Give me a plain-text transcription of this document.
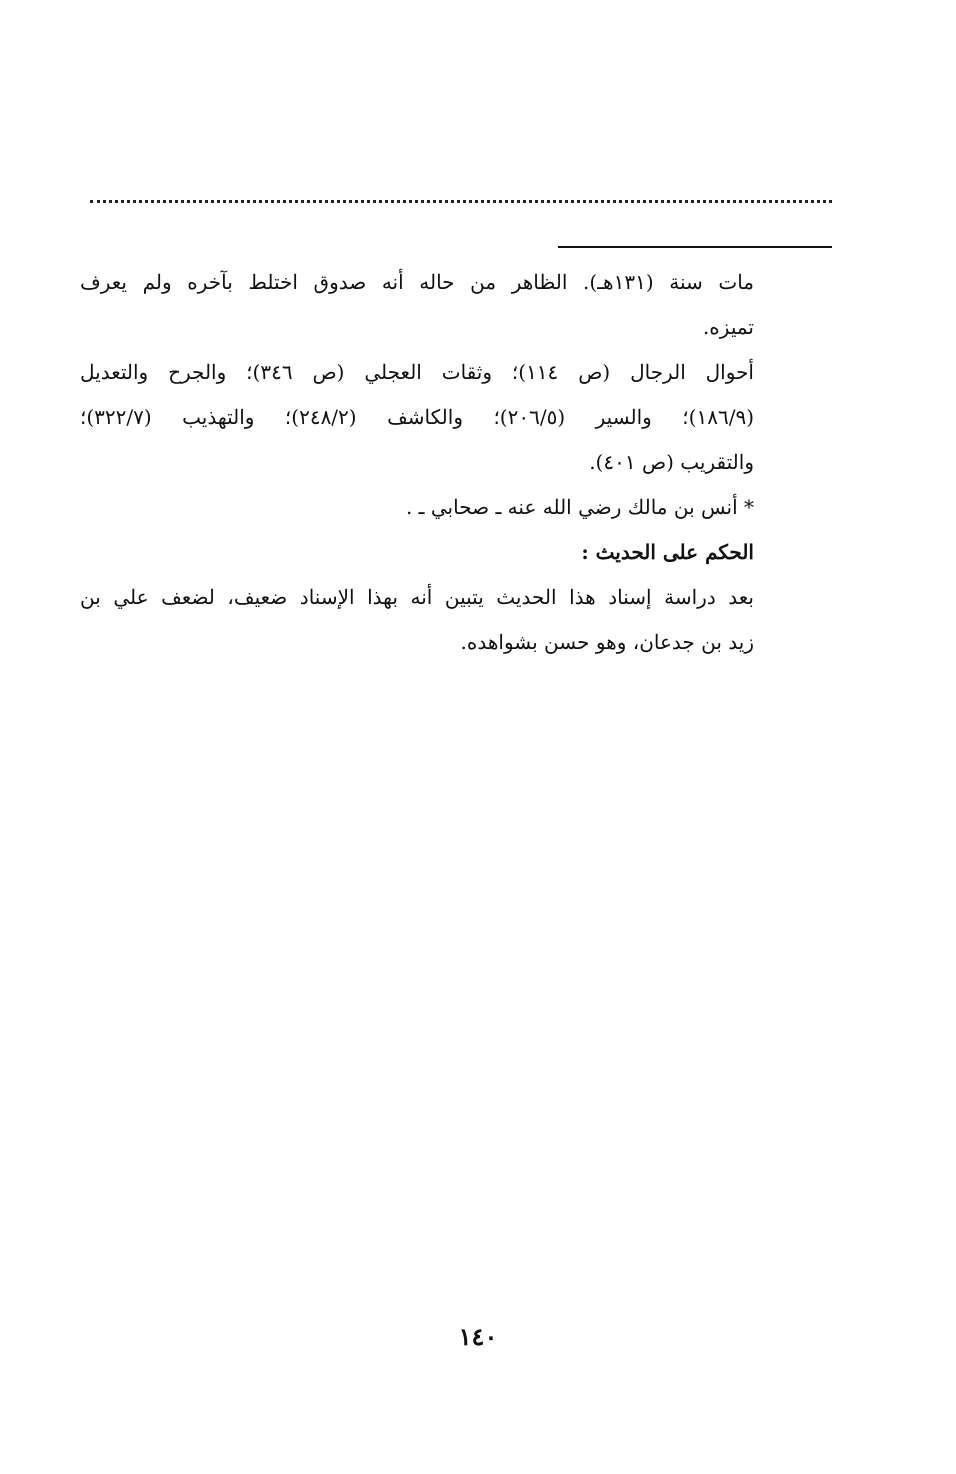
مات سنة (١٣١هـ). الظاهر من حاله أنه صدوق اختلط بآخره ولم يعرف
تميزه.
أحوال الرجال (ص ١١٤)؛ وثقات العجلي (ص ٣٤٦)؛ والجرح والتعديل
(١٨٦/٩)؛ والسير (٢٠٦/٥)؛ والكاشف (٢٤٨/٢)؛ والتهذيب (٣٢٢/٧)؛
والتقريب (ص ٤٠١).
* أنس بن مالك رضي الله عنه ـ صحابي ـ .
الحكم على الحديث :
بعد دراسة إسناد هذا الحديث يتبين أنه بهذا الإسناد ضعيف، لضعف علي بن
زيد بن جدعان، وهو حسن بشواهده.
١٤٠
